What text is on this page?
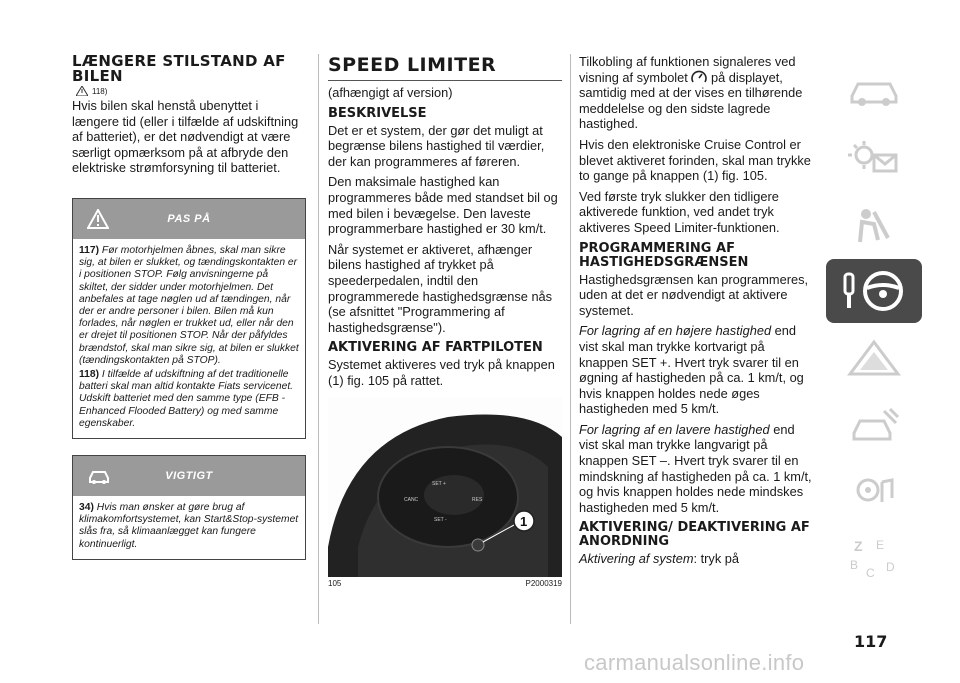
LÆNGERE STILSTAND AF BILEN
118)

Hvis bilen skal henstå ubenyttet i længere tid (eller i tilfælde af udskiftning af batteriet), er det nødvendigt at være særligt opmærksom på at afbryde den elektriske strømforsyning til batteriet.

PAS PÅ
117) Før motorhjelmen åbnes, skal man sikre sig, at bilen er slukket, og tændingskontakten er i positionen STOP. Følg anvisningerne på skiltet, der sidder under motorhjelmen. Det anbefales at tage nøglen ud af tændingen, når der er andre personer i bilen. Bilen må kun forlades, når nøglen er trukket ud, eller når den er drejet til positionen STOP. Når der påfyldes brændstof, skal man sikre sig, at bilen er slukket (tændingskontakten på STOP).
118) I tilfælde af udskiftning af det traditionelle batteri skal man altid kontakte Fiats servicenet. Udskift batteriet med den samme type (EFB - Enhanced Flooded Battery) og med samme egenskaber.
VIGTIGT
34) Hvis man ønsker at gøre brug af klimakomfortsystemet, kan Start&Stop-systemet slås fra, så klimaanlægget kan fungere kontinuerligt.
SPEED LIMITER

(afhængigt af version)

BESKRIVELSE

Det er et system, der gør det muligt at begrænse bilens hastighed til værdier, der kan programmeres af føreren.

Den maksimale hastighed kan programmeres både med standset bil og med bilen i bevægelse. Den laveste programmerbare hastighed er 30 km/t.

Når systemet er aktiveret, afhænger bilens hastighed af trykket på speederpedalen, indtil den programmerede hastighedsgrænse nås (se afsnittet "Programmering af hastighedsgrænse").

AKTIVERING AF FARTPILOTEN

Systemet aktiveres ved tryk på knappen (1) fig. 105 på rattet.

SET +
CANC	RES
SET -	1
105	P2000319

Tilkobling af funktionen signaleres ved visning af symbolet på displayet, samtidig med at der vises en tilhørende meddelelse og den sidste lagrede hastighed.

Hvis den elektroniske Cruise Control er blevet aktiveret forinden, skal man trykke to gange på knappen (1) fig. 105.

Ved første tryk slukker den tidligere aktiverede funktion, ved andet tryk aktiveres Speed Limiter-funktionen.

PROGRAMMERING AF HASTIGHEDSGRÆNSEN

Hastighedsgrænsen kan programmeres, uden at det er nødvendigt at aktivere systemet.

For lagring af en højere hastighed end vist skal man trykke kortvarigt på knappen SET +. Hvert tryk svarer til en øgning af hastigheden på ca. 1 km/t, og hvis knappen holdes nede øges hastigheden med 5 km/t.

For lagring af en lavere hastighed end vist skal man trykke langvarigt på knappen SET –. Hvert tryk svarer til en mindskning af hastigheden på ca. 1 km/t, og hvis knappen holdes nede mindskes hastigheden med 5 km/t.

AKTIVERING/ DEAKTIVERING AF ANORDNING

Aktivering af system: tryk på

Z E
B
C D
117
carmanualsonline.info
